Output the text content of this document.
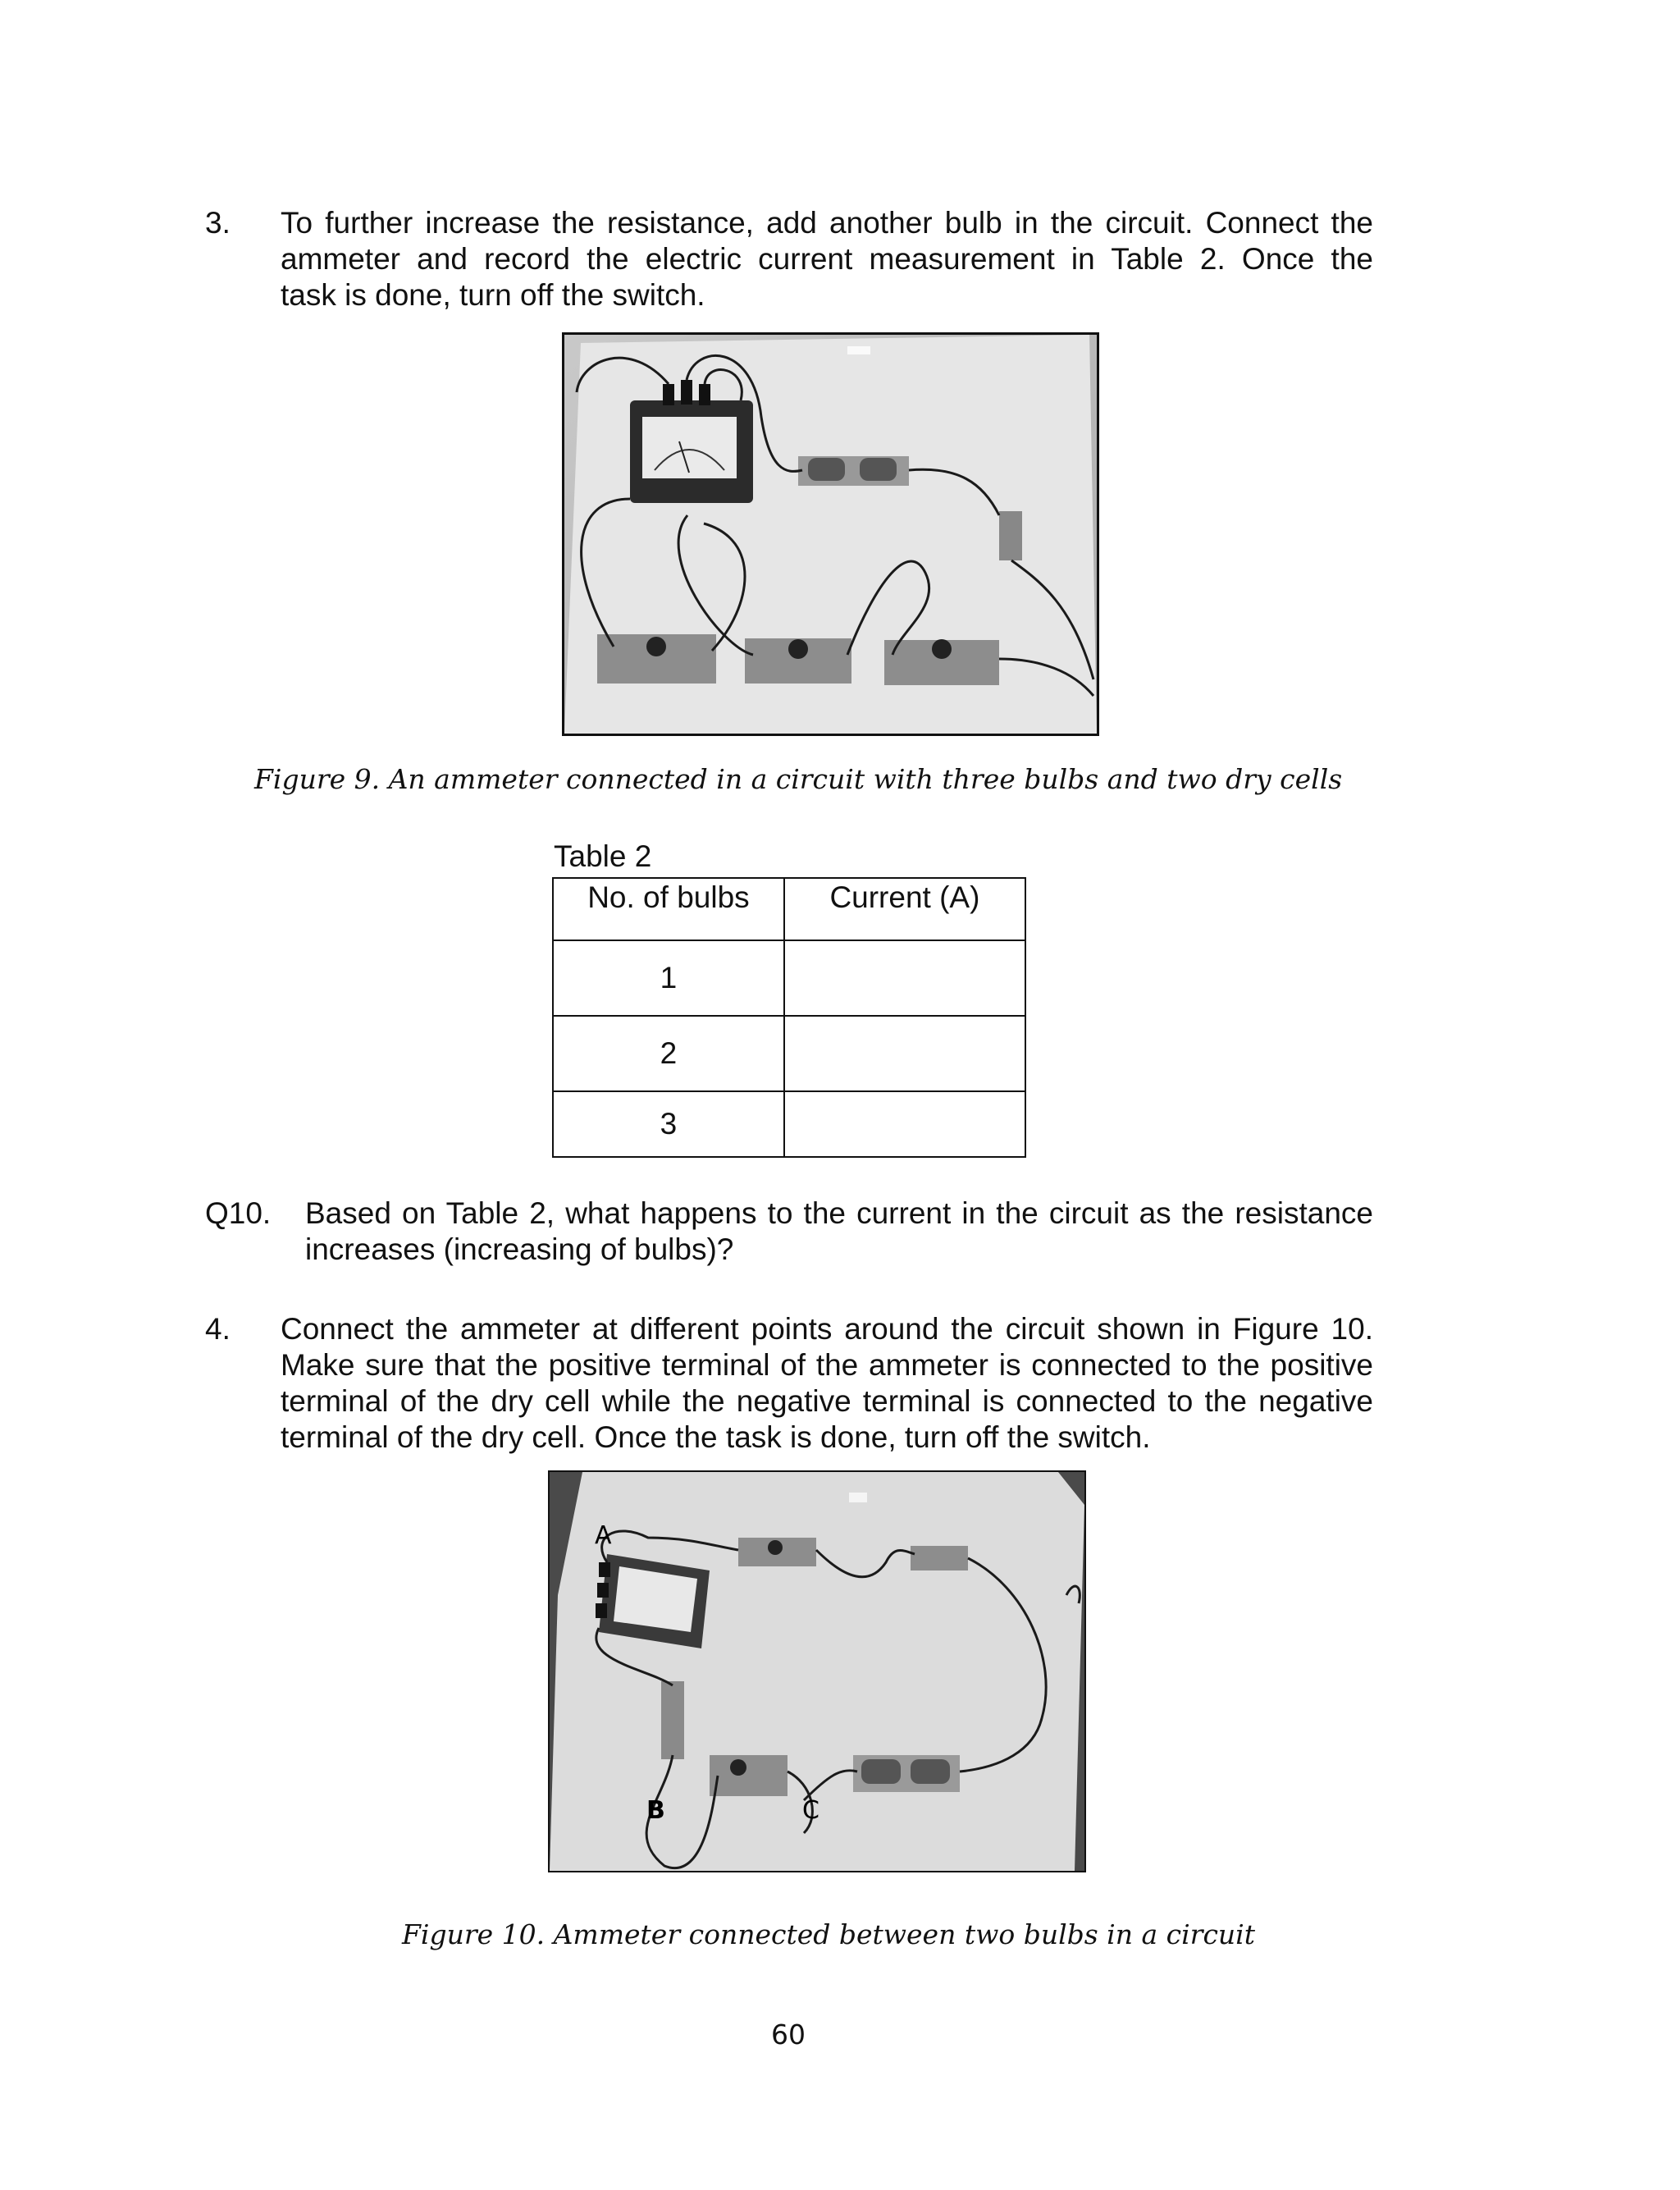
3. To further increase the resistance, add another bulb in the circuit. Connect the
ammeter and record the electric current measurement in Table 2. Once the
task is done, turn off the switch.
Figure 9. An ammeter connected in a circuit with three bulbs and two dry cells
Table 2
No. of bulbs	Current (A)
1	
2	
3	
Q10. Based on Table 2, what happens to the current in the circuit as the resistance
increases (increasing of bulbs)?
4. Connect the ammeter at different points around the circuit shown in Figure 10.
Make sure that the positive terminal of the ammeter is connected to the positive
terminal of the dry cell while the negative terminal is connected to the negative
terminal of the dry cell. Once the task is done, turn off the switch.
A
B	C
Figure 10. Ammeter connected between two bulbs in a circuit
60
